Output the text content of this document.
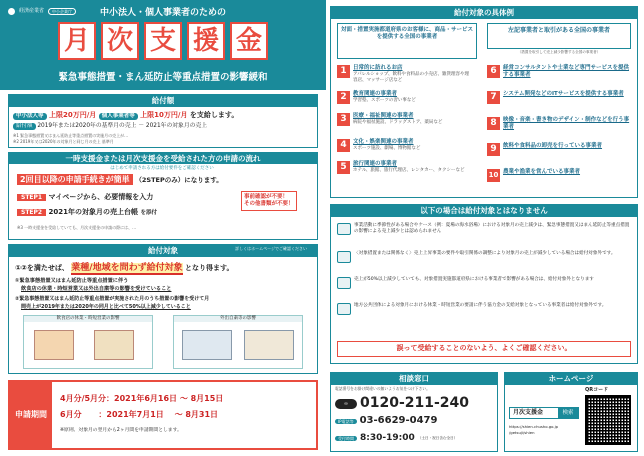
経済産業省	中小企業庁	中小法人・個人事業者のための
月 次 支 援 金
緊急事態措置・まん延防止等重点措置の影響緩和
給付額
中小法人等 上限20万円/月 個人事業者等 上限10万円/月 を支給します。
給付額 2019年または2020年の基準月の売上 － 2021年の対象月の売上
※1 緊急事態措置又はまん延防止等重点措置の実施月の売上が…
※2 2019年又は2020年の対象月と同じ月の売上 基準月
一時支援金または月次支援金を受給された方の申請の流れ
はじめて申請される方は給付要件をご確認ください
2回目以降の申請手続きが簡単 （2STEPのみ）になります。
STEP1 マイページから、必要情報を入力
STEP2 2021年の対象月の売上台帳 を添付
事前確認が不要！
その他書類が不要！
※3 一時支援金を受給していても、月次支援金の申請の際には、…
給付対象	詳しくはホームページでご確認ください
①②を満たせば、 業種/地域を問わず給付対象 となり得ます。
①緊急事態措置又はまん延防止等重点措置に伴う
飲食店の休業・時短営業又は外出自粛等の影響を受けていること
②緊急事態措置又はまん延防止等重点措置が実施された月のうち措置の影響を受けて月
間売上が2019年または2020年の同月と比べて50%以上減少していること
飲食店の休業・時短営業の影響	外出自粛等の影響
申請期間
4月分/5月分：2021年6月16日 ～ 8月15日
6月分 ：2021年7月1日 ～ 8月31日
※原則、対象月の翌月から2ヶ月間を申請期間とします。
給付対象の具体例
対面・措置実施都道府県のお客様に、商品・サービスを提供する全国の事業者
左記事業者と取引がある全国の事業者
（措置を取引して売上減少影響する全国の事業者）
1	日常的に訪れるお店
アパレルショップ、飲料や食料品の小売店、雑貨理容や理容店、マッサージ店など
2	教育関連の事業者
学習塾、スポーツの習い事など
3	医療・福祉関連の事業者
病院や福祉施設、ドラッグストア、薬局など
4	文化・娯楽関連の事業者
スポーツ施設、劇場、博物館など
5	旅行関連の事業者
ホテル、旅館、旅行代理店、レンタカー、タクシーなど
6	経営コンサルタントや士業など専門サービスを提供する事業者
7	システム開発などのITサービスを提供する事業者
8	映像・音楽・書き物のデザイン・制作などを行う事業者
9	飲料や食料品の卸売を行っている事業者
10 農業や漁業を営んでいる事業者
以下の場合は給付対象とはなりません
事業活動に季節性がある場合やケース（例：夏場の海水浴場）における対象月の売上減少は、緊急事態措置又はまん延防止等重点措置の影響による売上減少とは認められません
〈対象措置または関係なく〉売上上昇事業の要件や取引関係の調整により対象月の売上が減少している場合は給付対象外です。
売上が50%以上減少していても、対象措置実施都道府県における事業者で影響がある場合は、給付対象外となります
地方公共団体による対象月における休業・時短営業の要請に伴う協力金の支給対象となっている事業者は給付対象外です。
誤って受給することのないよう、よくご確認ください。
相談窓口
電話番号をお掛け間違いの無いようお気をつけ下さい。
∞ 0120-211-240
IP電話等 03-6629-0479
受付時間 8:30-19:00 （土日・祝日含む全日）
ホームページ
QRコード
月次支援金	検索
https://shien.chusho.go.jp
/getsuji/shien
